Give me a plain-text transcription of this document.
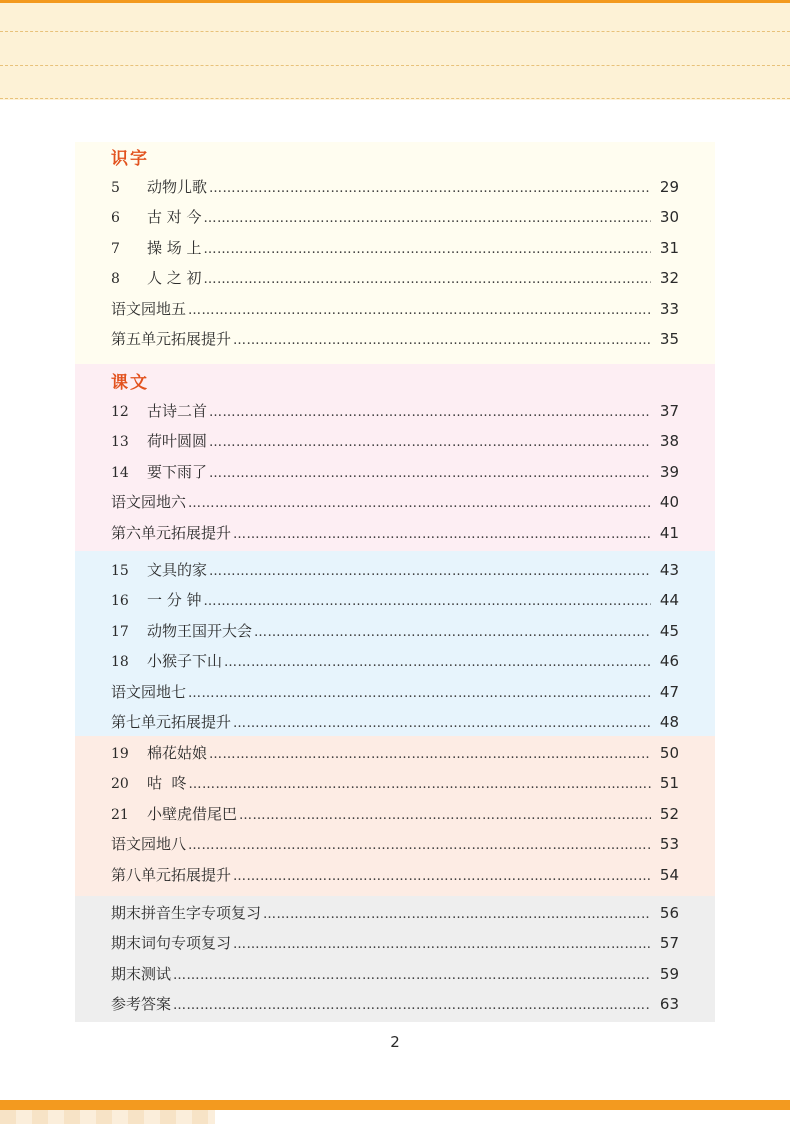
识字
5	动物儿歌 …………………………………………………………………………………………………………………………………………	29
6	古 对 今 …………………………………………………………………………………………………………………………………………	30
7	操 场 上 …………………………………………………………………………………………………………………………………………	31
8	人 之 初 …………………………………………………………………………………………………………………………………………	32
语文园地五 …………………………………………………………………………………………………………………………………………	33
第五单元拓展提升 …………………………………………………………………………………………………………………………………………	35
课文
12	古诗二首 …………………………………………………………………………………………………………………………………………	37
13	荷叶圆圆 …………………………………………………………………………………………………………………………………………	38
14	要下雨了 …………………………………………………………………………………………………………………………………………	39
语文园地六 …………………………………………………………………………………………………………………………………………	40
第六单元拓展提升 …………………………………………………………………………………………………………………………………………	41
15	文具的家 …………………………………………………………………………………………………………………………………………	43
16	一 分 钟 …………………………………………………………………………………………………………………………………………	44
17	动物王国开大会 …………………………………………………………………………………………………………………………………………	45
18	小猴子下山 …………………………………………………………………………………………………………………………………………	46
语文园地七 …………………………………………………………………………………………………………………………………………	47
第七单元拓展提升 …………………………………………………………………………………………………………………………………………	48
19	棉花姑娘 …………………………………………………………………………………………………………………………………………	50
20	咕  咚 …………………………………………………………………………………………………………………………………………	51
21	小壁虎借尾巴 …………………………………………………………………………………………………………………………………………	52
语文园地八 …………………………………………………………………………………………………………………………………………	53
第八单元拓展提升 …………………………………………………………………………………………………………………………………………	54
期末拼音生字专项复习 …………………………………………………………………………………………………………………………………………	56
期末词句专项复习 …………………………………………………………………………………………………………………………………………	57
期末测试 …………………………………………………………………………………………………………………………………………	59
参考答案 …………………………………………………………………………………………………………………………………………	63
2
